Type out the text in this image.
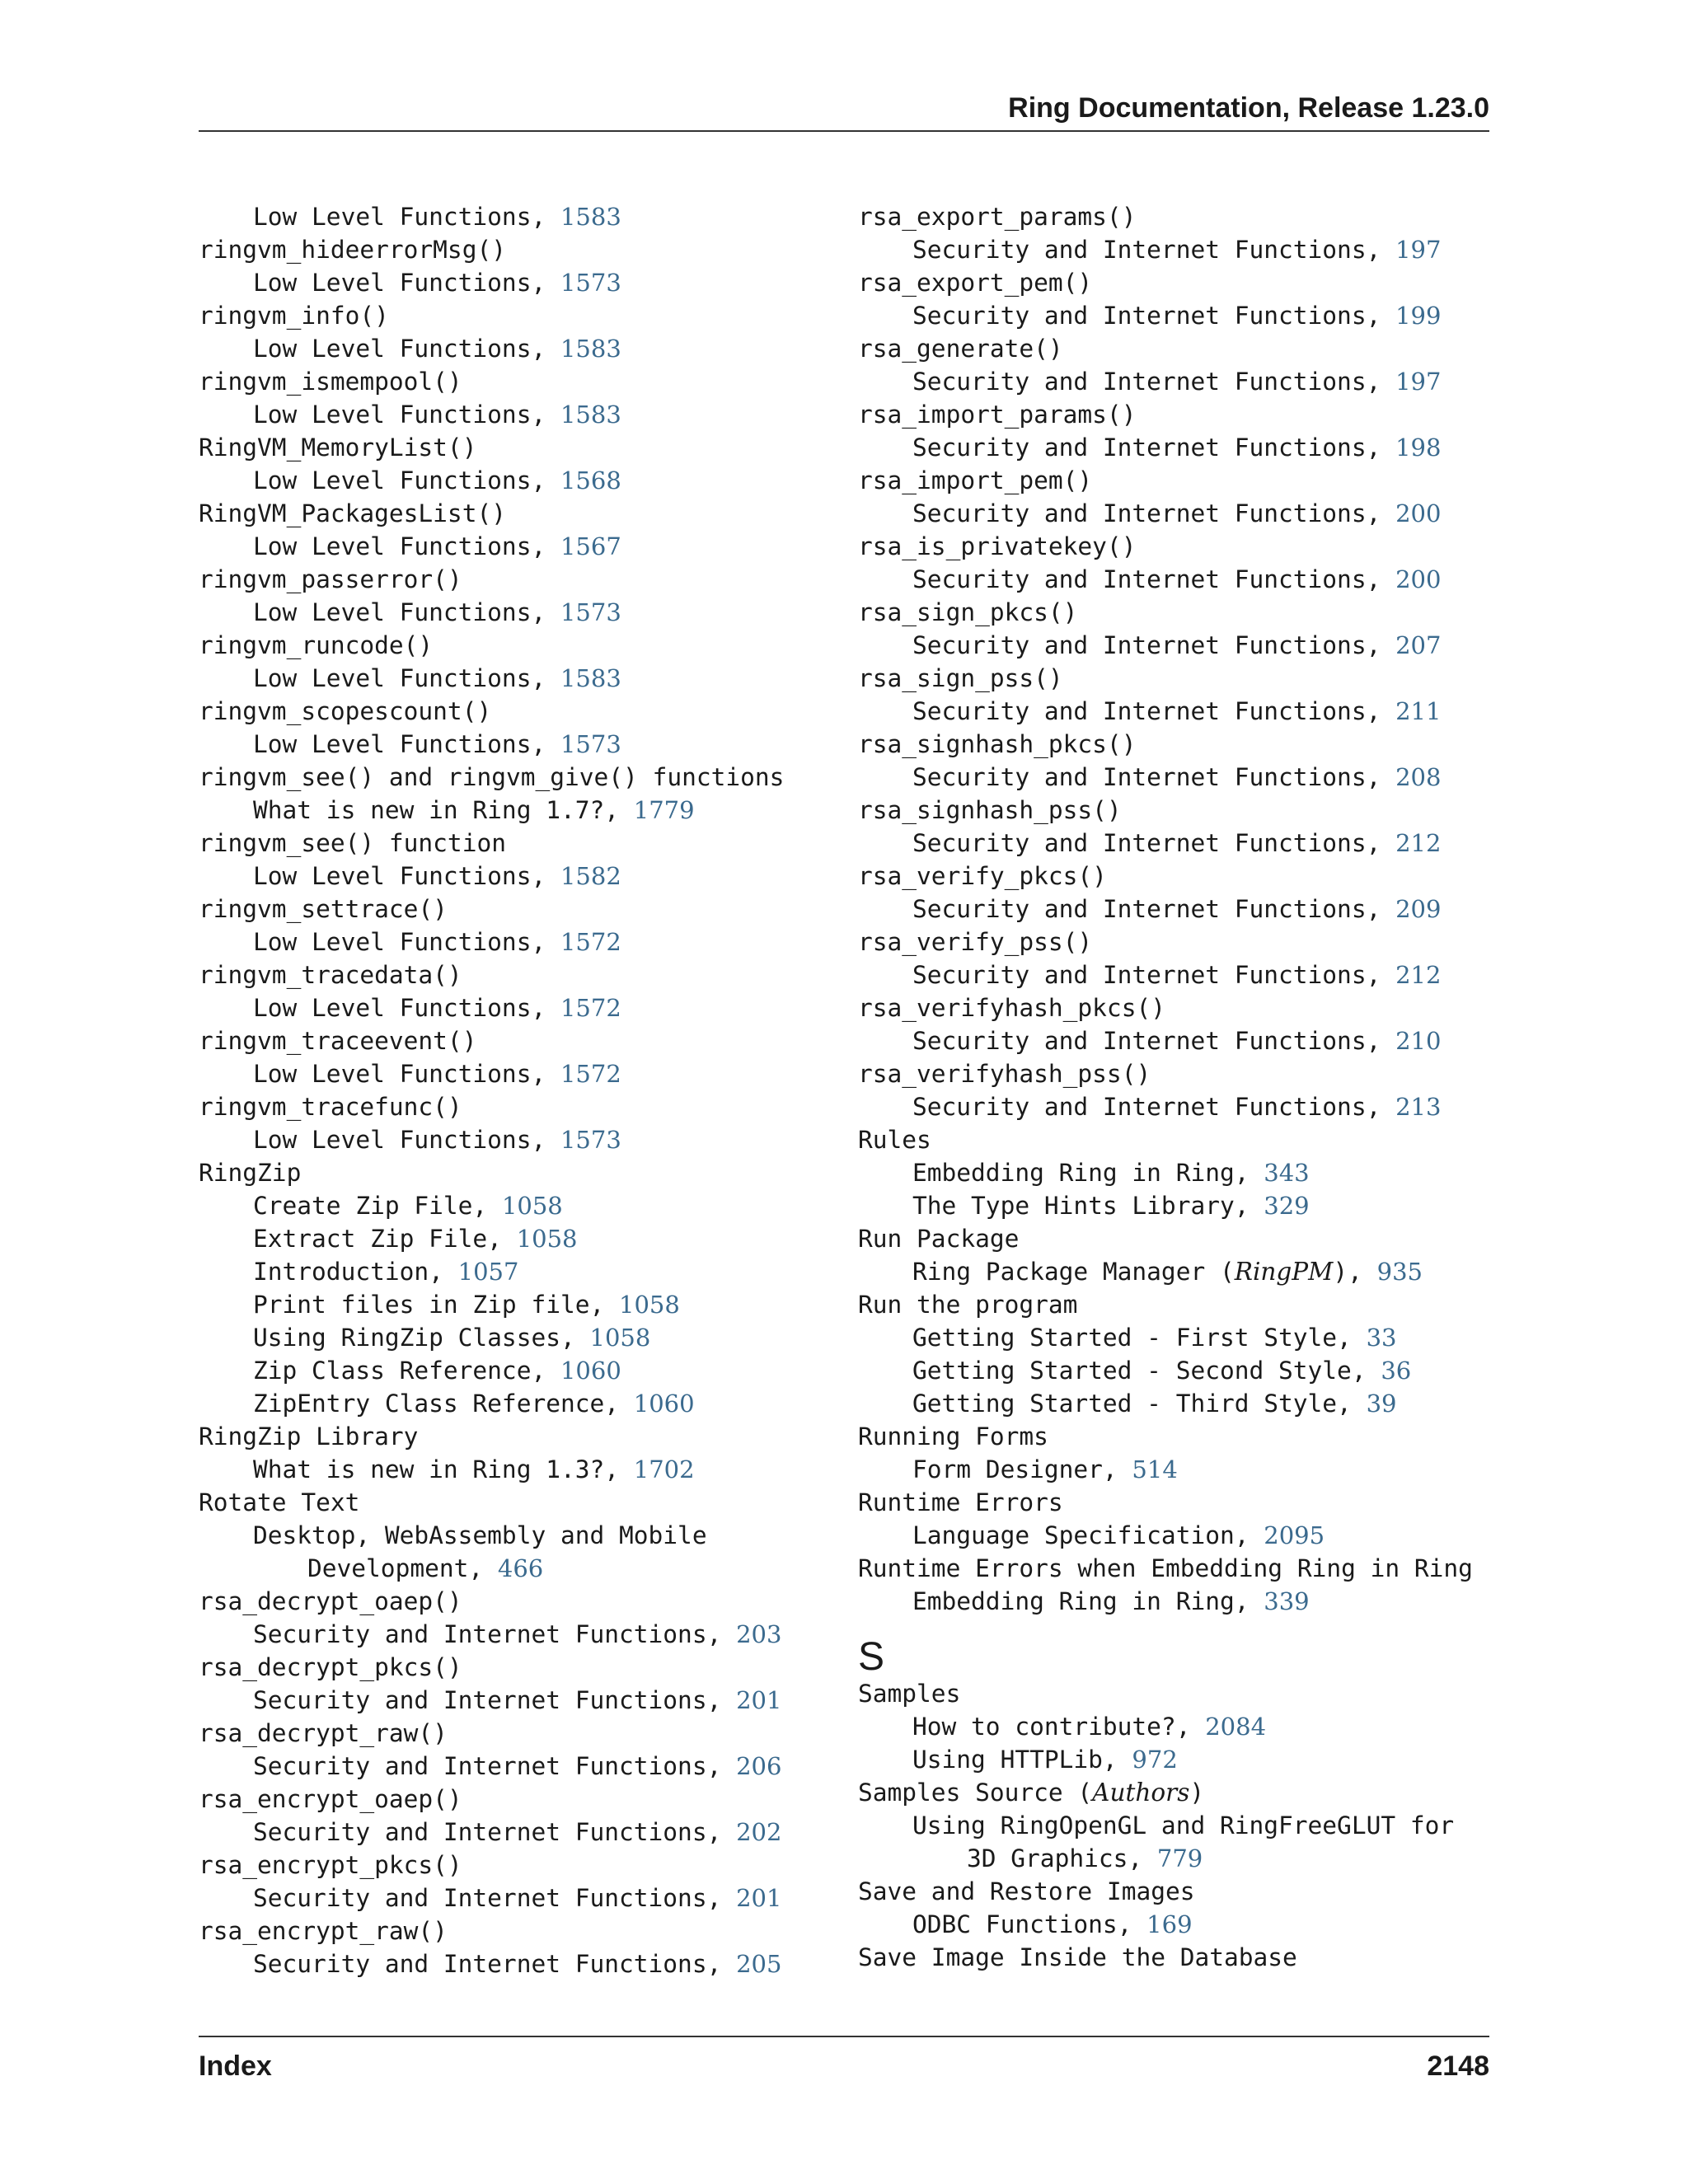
Ring Documentation, Release 1.23.0
Low Level Functions, 1583
ringvm_hideerrorMsg()
Low Level Functions, 1573
ringvm_info()
Low Level Functions, 1583
ringvm_ismempool()
Low Level Functions, 1583
RingVM_MemoryList()
Low Level Functions, 1568
RingVM_PackagesList()
Low Level Functions, 1567
ringvm_passerror()
Low Level Functions, 1573
ringvm_runcode()
Low Level Functions, 1583
ringvm_scopescount()
Low Level Functions, 1573
ringvm_see() and ringvm_give() functions
What is new in Ring 1.7?, 1779
ringvm_see() function
Low Level Functions, 1582
ringvm_settrace()
Low Level Functions, 1572
ringvm_tracedata()
Low Level Functions, 1572
ringvm_traceevent()
Low Level Functions, 1572
ringvm_tracefunc()
Low Level Functions, 1573
RingZip
Create Zip File, 1058
Extract Zip File, 1058
Introduction, 1057
Print files in Zip file, 1058
Using RingZip Classes, 1058
Zip Class Reference, 1060
ZipEntry Class Reference, 1060
RingZip Library
What is new in Ring 1.3?, 1702
Rotate Text
Desktop, WebAssembly and Mobile
Development, 466
rsa_decrypt_oaep()
Security and Internet Functions, 203
rsa_decrypt_pkcs()
Security and Internet Functions, 201
rsa_decrypt_raw()
Security and Internet Functions, 206
rsa_encrypt_oaep()
Security and Internet Functions, 202
rsa_encrypt_pkcs()
Security and Internet Functions, 201
rsa_encrypt_raw()
Security and Internet Functions, 205
rsa_export_params()
Security and Internet Functions, 197
rsa_export_pem()
Security and Internet Functions, 199
rsa_generate()
Security and Internet Functions, 197
rsa_import_params()
Security and Internet Functions, 198
rsa_import_pem()
Security and Internet Functions, 200
rsa_is_privatekey()
Security and Internet Functions, 200
rsa_sign_pkcs()
Security and Internet Functions, 207
rsa_sign_pss()
Security and Internet Functions, 211
rsa_signhash_pkcs()
Security and Internet Functions, 208
rsa_signhash_pss()
Security and Internet Functions, 212
rsa_verify_pkcs()
Security and Internet Functions, 209
rsa_verify_pss()
Security and Internet Functions, 212
rsa_verifyhash_pkcs()
Security and Internet Functions, 210
rsa_verifyhash_pss()
Security and Internet Functions, 213
Rules
Embedding Ring in Ring, 343
The Type Hints Library, 329
Run Package
Ring Package Manager (RingPM), 935
Run the program
Getting Started - First Style, 33
Getting Started - Second Style, 36
Getting Started - Third Style, 39
Running Forms
Form Designer, 514
Runtime Errors
Language Specification, 2095
Runtime Errors when Embedding Ring in Ring
Embedding Ring in Ring, 339
S
Samples
How to contribute?, 2084
Using HTTPLib, 972
Samples Source (Authors)
Using RingOpenGL and RingFreeGLUT for
3D Graphics, 779
Save and Restore Images
ODBC Functions, 169
Save Image Inside the Database
Index	2148
